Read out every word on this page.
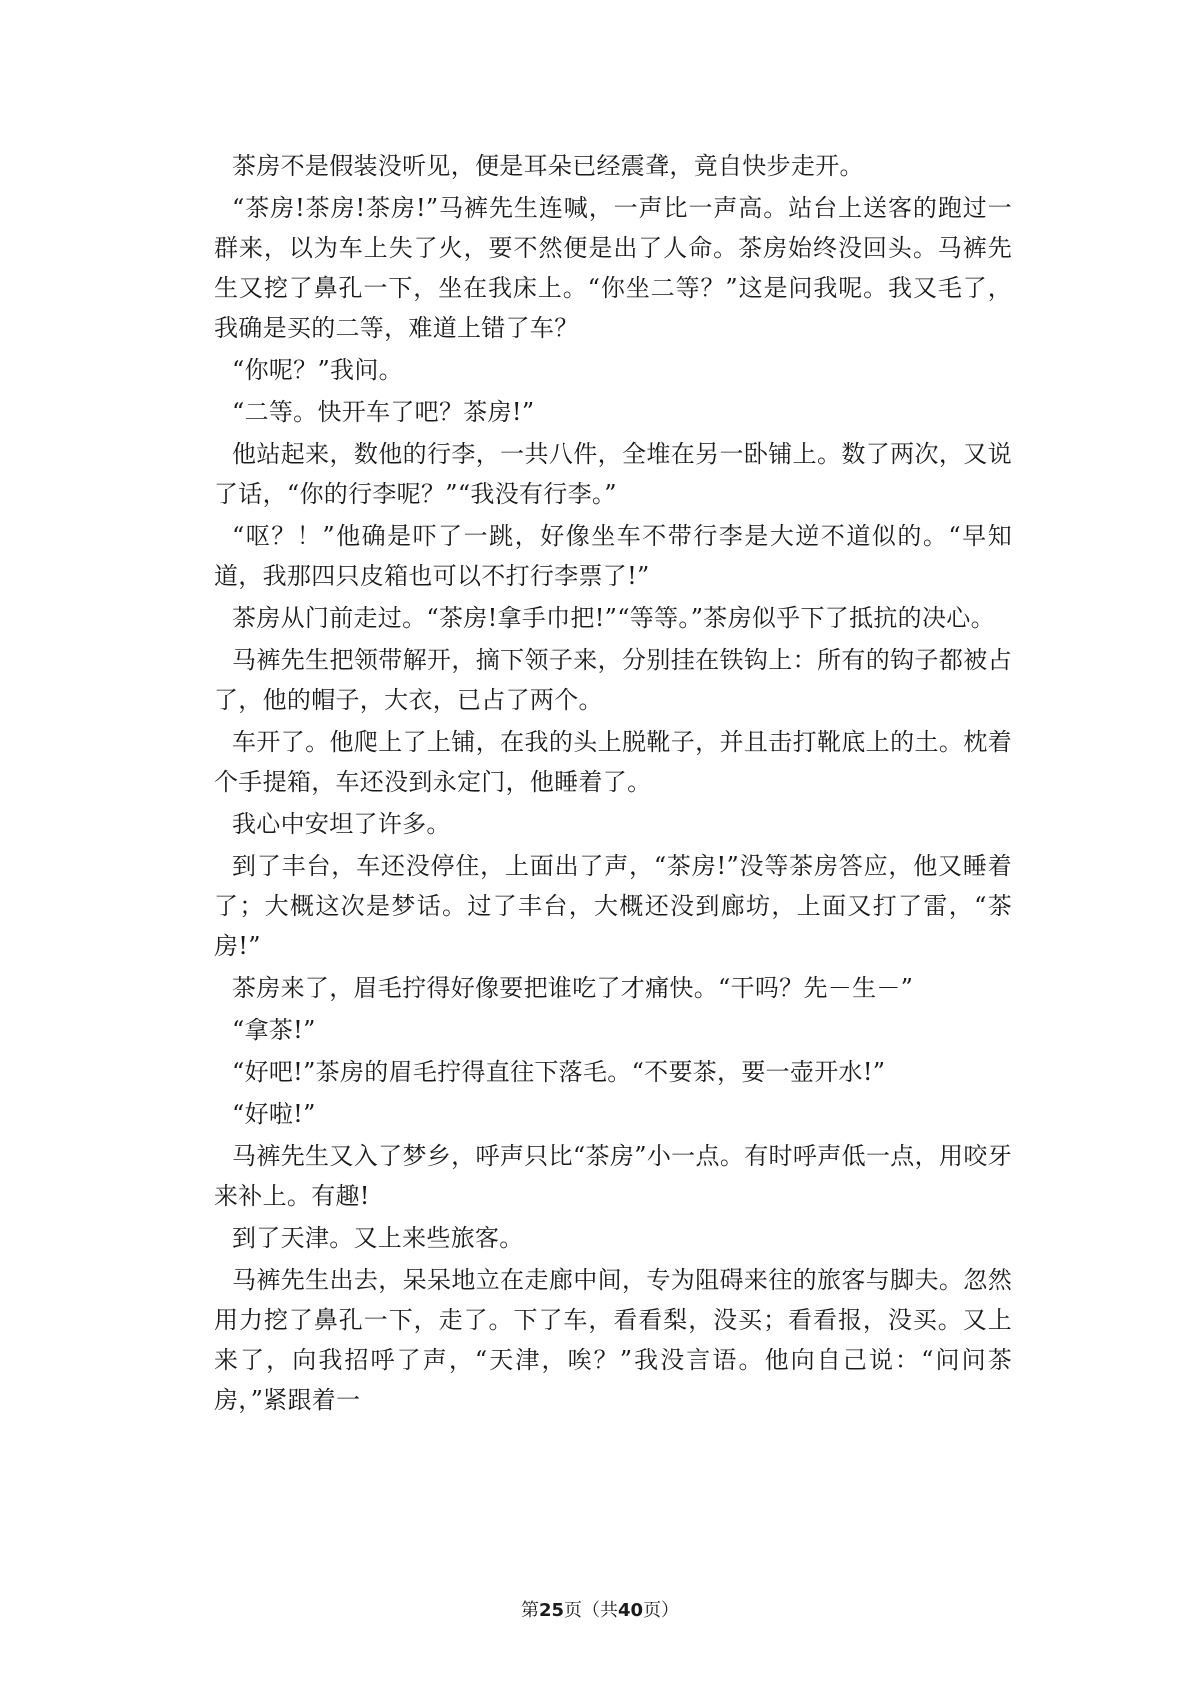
茶房不是假装没听见，便是耳朵已经震聋，竟自快步走开。

“茶房!茶房!茶房!”马裤先生连喊，一声比一声高。站台上送客的跑过一群来，以为车上失了火，要不然便是出了人命。茶房始终没回头。马裤先生又挖了鼻孔一下，坐在我床上。“你坐二等？”这是问我呢。我又毛了，我确是买的二等，难道上错了车？

“你呢？”我问。

“二等。快开车了吧？茶房!”

他站起来，数他的行李，一共八件，全堆在另一卧铺上。数了两次，又说了话，“你的行李呢？”“我没有行李。”

“呕？！”他确是吓了一跳，好像坐车不带行李是大逆不道似的。“早知道，我那四只皮箱也可以不打行李票了!”

茶房从门前走过。“茶房!拿手巾把!”“等等。”茶房似乎下了抵抗的决心。

马裤先生把领带解开，摘下领子来，分别挂在铁钩上：所有的钩子都被占了，他的帽子，大衣，已占了两个。

车开了。他爬上了上铺，在我的头上脱靴子，并且击打靴底上的土。枕着个手提箱，车还没到永定门，他睡着了。

我心中安坦了许多。

到了丰台，车还没停住，上面出了声，“茶房!”没等茶房答应，他又睡着了；大概这次是梦话。过了丰台，大概还没到廊坊，上面又打了雷，“茶房!”

茶房来了，眉毛拧得好像要把谁吃了才痛快。“干吗？先－生－”

“拿茶!”

“好吧!”茶房的眉毛拧得直往下落毛。“不要茶，要一壶开水!”

“好啦!”

马裤先生又入了梦乡，呼声只比“茶房”小一点。有时呼声低一点，用咬牙来补上。有趣!

到了天津。又上来些旅客。

马裤先生出去，呆呆地立在走廊中间，专为阻碍来往的旅客与脚夫。忽然用力挖了鼻孔一下，走了。下了车，看看梨，没买；看看报，没买。又上来了，向我招呼了声，“天津，唉？”我没言语。他向自己说：“问问茶房，”紧跟着一

第25页（共40页）
